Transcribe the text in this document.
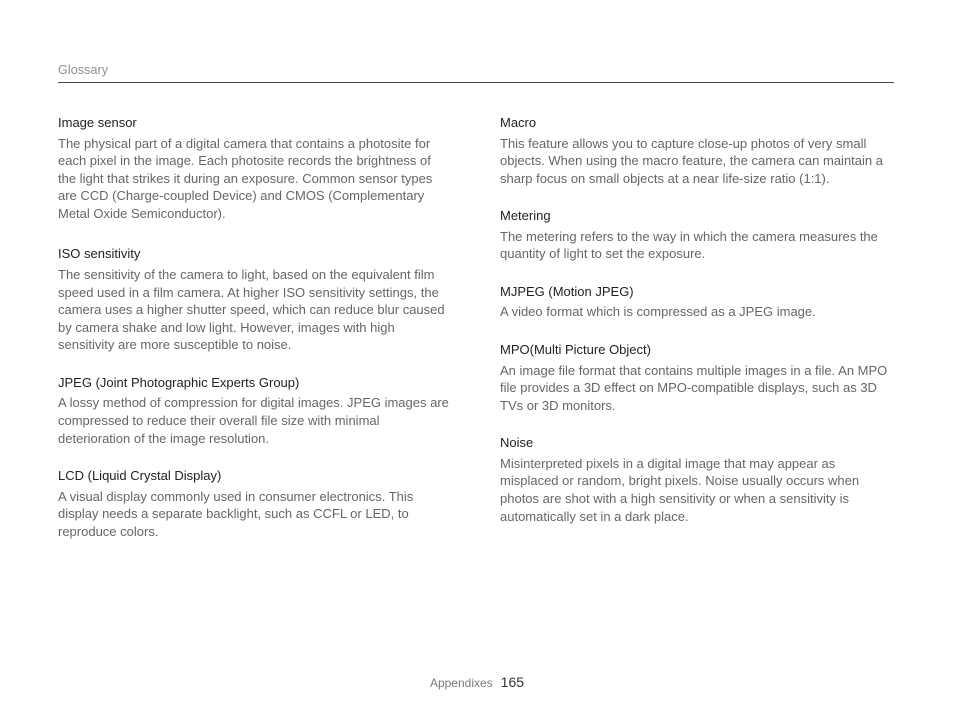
Glossary
Image sensor

The physical part of a digital camera that contains a photosite for each pixel in the image. Each photosite records the brightness of the light that strikes it during an exposure. Common sensor types are CCD (Charge-coupled Device) and CMOS (Complementary Metal Oxide Semiconductor).

ISO sensitivity

The sensitivity of the camera to light, based on the equivalent film speed used in a film camera. At higher ISO sensitivity settings, the camera uses a higher shutter speed, which can reduce blur caused by camera shake and low light. However, images with high sensitivity are more susceptible to noise.

JPEG (Joint Photographic Experts Group)

A lossy method of compression for digital images. JPEG images are compressed to reduce their overall file size with minimal deterioration of the image resolution.

LCD (Liquid Crystal Display)

A visual display commonly used in consumer electronics. This display needs a separate backlight, such as CCFL or LED, to reproduce colors.

Macro

This feature allows you to capture close-up photos of very small objects. When using the macro feature, the camera can maintain a sharp focus on small objects at a near life-size ratio (1:1).

Metering

The metering refers to the way in which the camera measures the quantity of light to set the exposure.

MJPEG (Motion JPEG)

A video format which is compressed as a JPEG image.

MPO(Multi Picture Object)

An image file format that contains multiple images in a file. An MPO file provides a 3D effect on MPO-compatible displays, such as 3D TVs or 3D monitors.

Noise

Misinterpreted pixels in a digital image that may appear as misplaced or random, bright pixels. Noise usually occurs when photos are shot with a high sensitivity or when a sensitivity is automatically set in a dark place.

Appendixes 165
